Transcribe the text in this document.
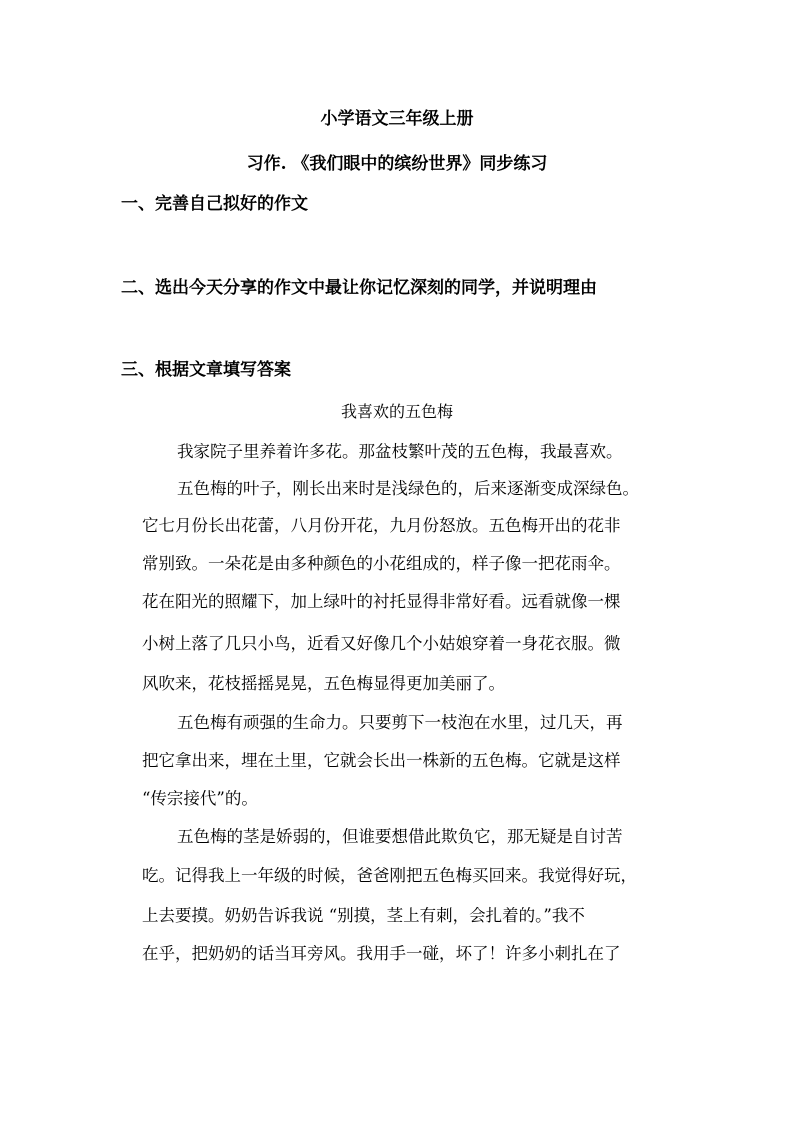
小学语文三年级上册
习作. 《我们眼中的缤纷世界》同步练习
一、完善自己拟好的作文
二、选出今天分享的作文中最让你记忆深刻的同学，并说明理由
三、根据文章填写答案
我喜欢的五色梅
我家院子里养着许多花。那盆枝繁叶茂的五色梅，我最喜欢。
五色梅的叶子，刚长出来时是浅绿色的，后来逐渐变成深绿色。
它七月份长出花蕾，八月份开花，九月份怒放。五色梅开出的花非
常别致。一朵花是由多种颜色的小花组成的，样子像一把花雨伞。
花在阳光的照耀下，加上绿叶的衬托显得非常好看。远看就像一棵
小树上落了几只小鸟，近看又好像几个小姑娘穿着一身花衣服。微
风吹来，花枝摇摇晃晃，五色梅显得更加美丽了。
五色梅有顽强的生命力。只要剪下一枝泡在水里，过几天，再
把它拿出来，埋在土里，它就会长出一株新的五色梅。它就是这样
“传宗接代”的。
五色梅的茎是娇弱的，但谁要想借此欺负它，那无疑是自讨苦
吃。记得我上一年级的时候，爸爸刚把五色梅买回来。我觉得好玩，
上去要摸。奶奶告诉我说 “别摸，茎上有刺，会扎着的。”我不
在乎，把奶奶的话当耳旁风。我用手一碰，坏了！许多小刺扎在了
